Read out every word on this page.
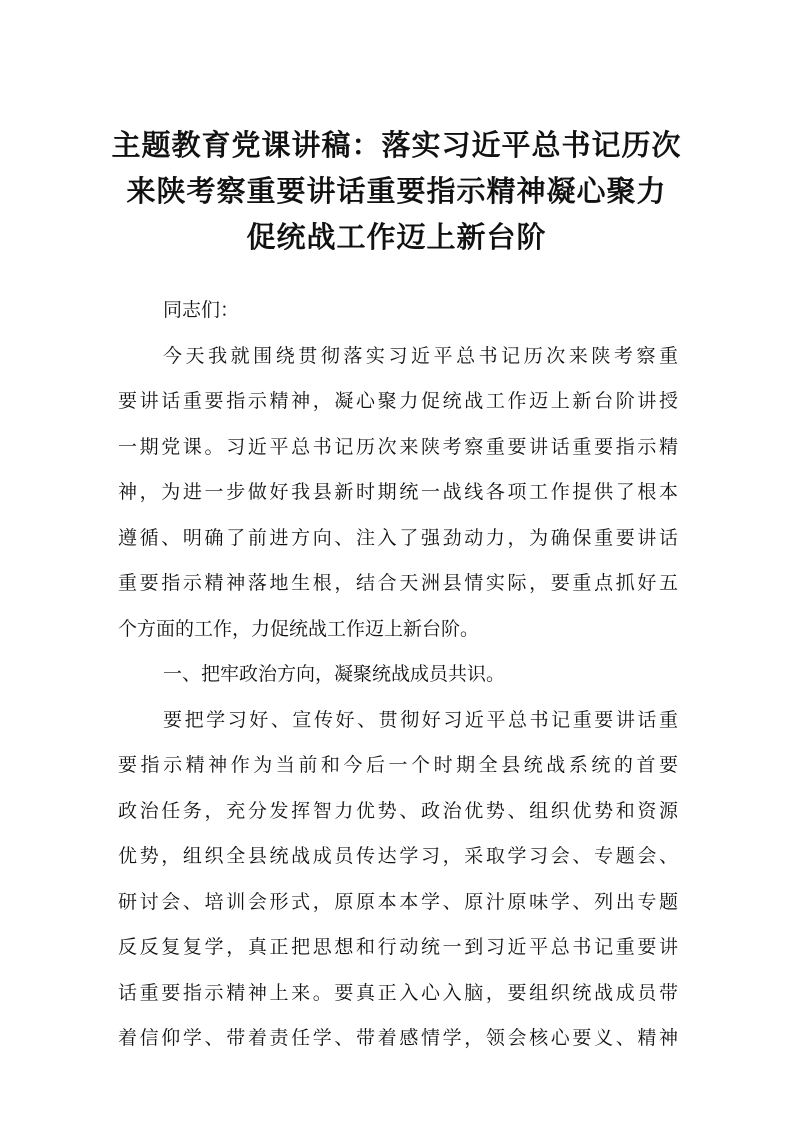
主题教育党课讲稿：落实习近平总书记历次
来陕考察重要讲话重要指示精神凝心聚力
促统战工作迈上新台阶
同志们：
今天我就围绕贯彻落实习近平总书记历次来陕考察重
要讲话重要指示精神，凝心聚力促统战工作迈上新台阶讲授
一期党课。习近平总书记历次来陕考察重要讲话重要指示精
神，为进一步做好我县新时期统一战线各项工作提供了根本
遵循、明确了前进方向、注入了强劲动力，为确保重要讲话
重要指示精神落地生根，结合天洲县情实际，要重点抓好五
个方面的工作，力促统战工作迈上新台阶。
一、把牢政治方向，凝聚统战成员共识。
要把学习好、宣传好、贯彻好习近平总书记重要讲话重
要指示精神作为当前和今后一个时期全县统战系统的首要
政治任务，充分发挥智力优势、政治优势、组织优势和资源
优势，组织全县统战成员传达学习，采取学习会、专题会、
研讨会、培训会形式，原原本本学、原汁原味学、列出专题
反反复复学，真正把思想和行动统一到习近平总书记重要讲
话重要指示精神上来。要真正入心入脑，要组织统战成员带
着信仰学、带着责任学、带着感情学，领会核心要义、精神
